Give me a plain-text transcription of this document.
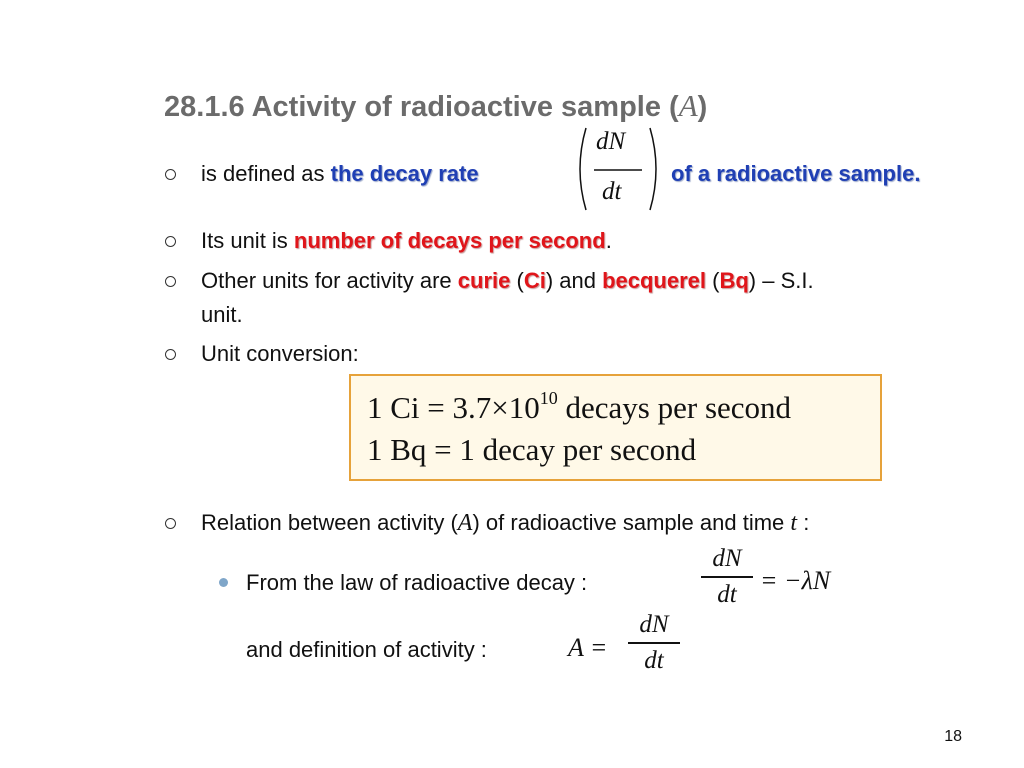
28.1.6 Activity of radioactive sample (A)
is defined as the decay rate
dN
dt
of a radioactive sample.
Its unit is number of decays per second.
Other units for activity are curie (Ci) and becquerel (Bq) – S.I.
unit.
Unit conversion:
1 $Ci = 3.7\times 10^{10}$ decays per second
1 Bq = 1 decay per second
Relation between activity (A) of radioactive sample and time t :
From the law of radioactive decay :
dN
dt = −λN
and definition of activity :	A =
dN
dt
18
